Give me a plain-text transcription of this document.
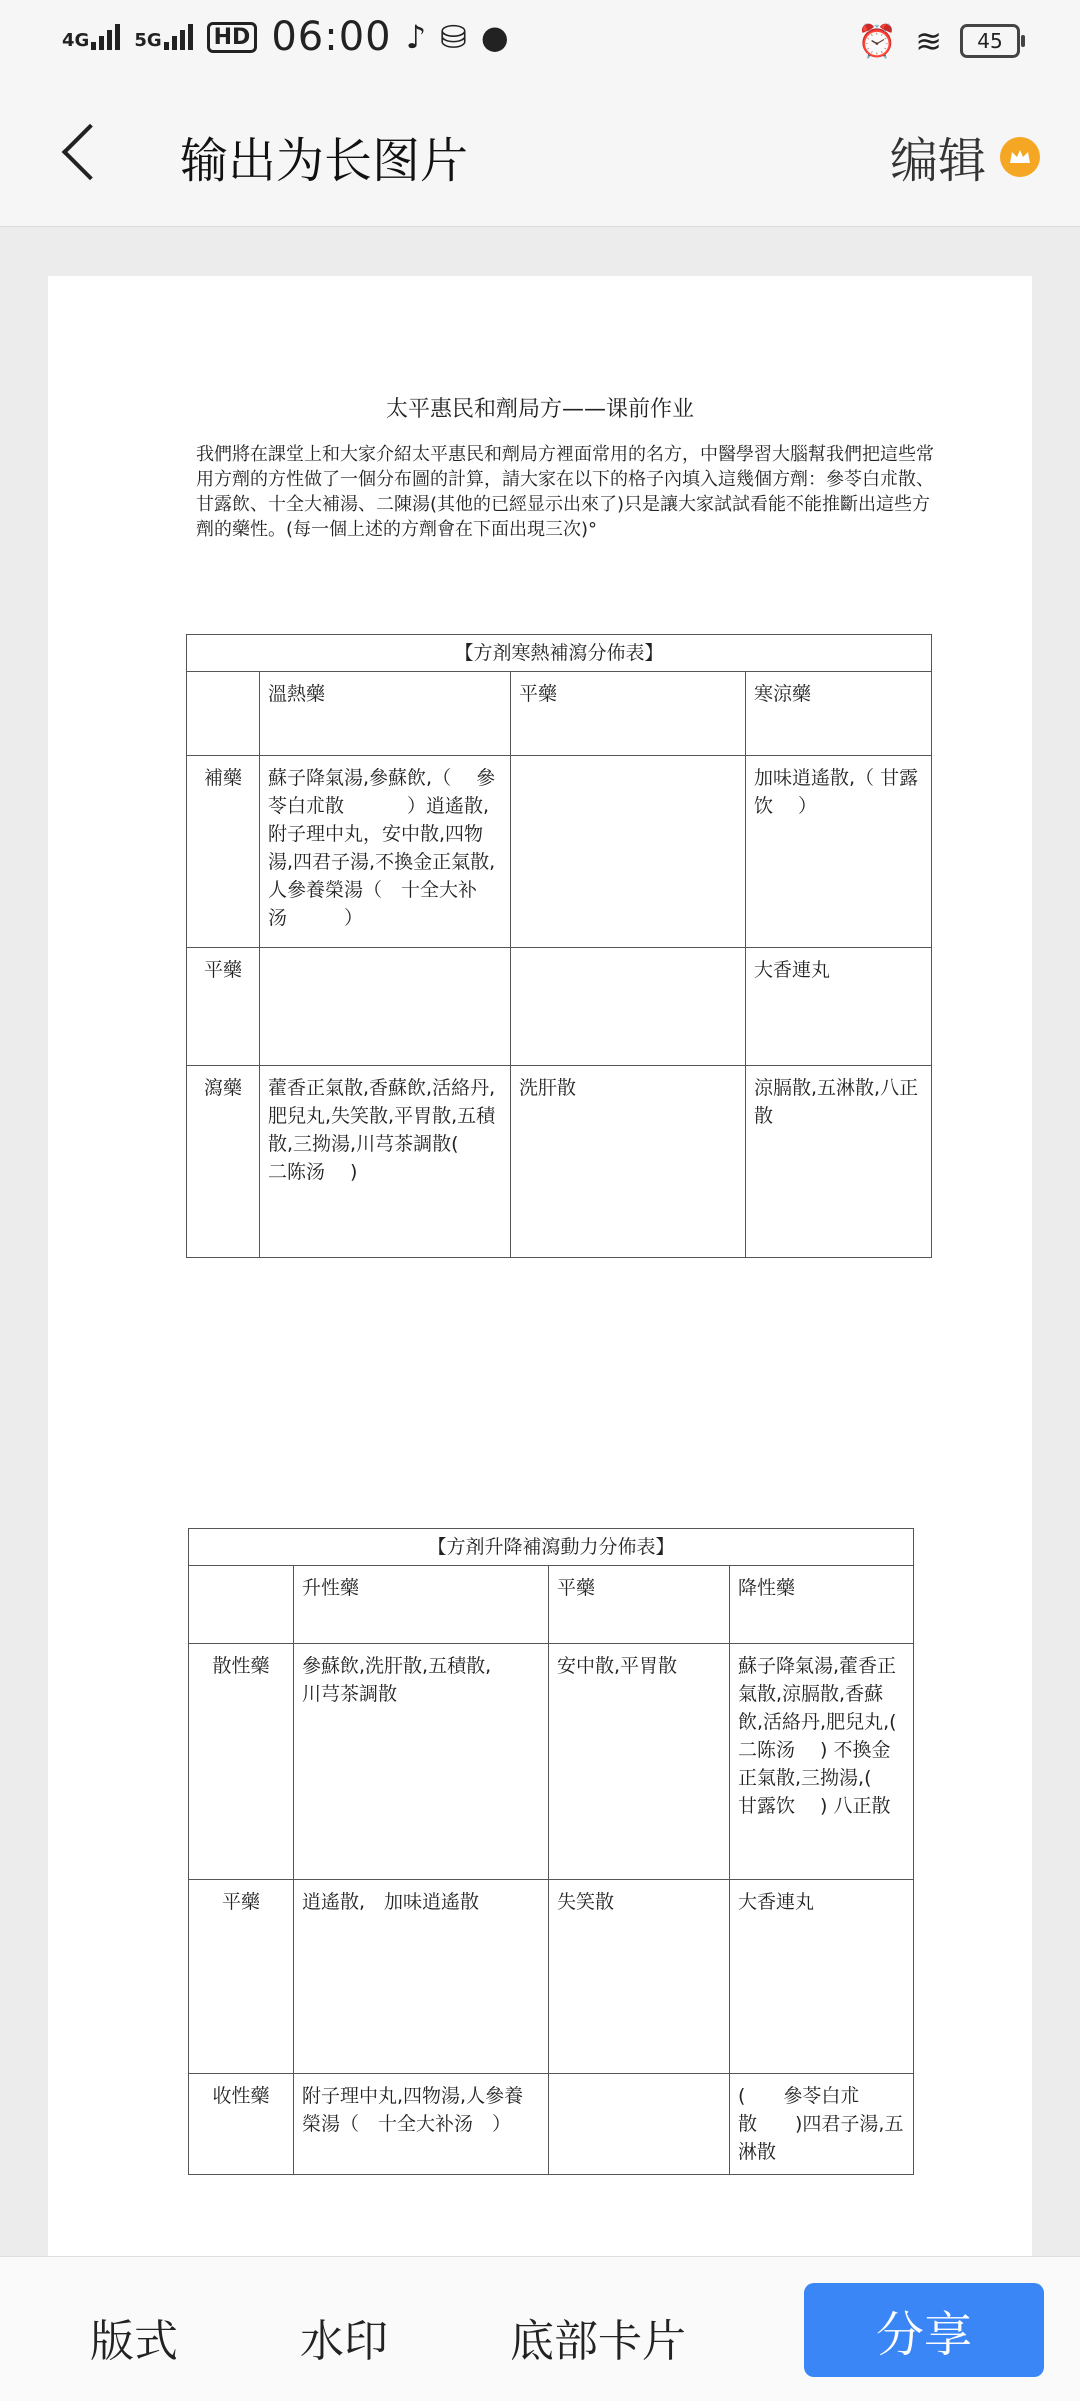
4G	5G	HD 06:00 ♪ ⛁ ●	⏰ ≋ 45
输出为长图片	编辑
太平惠民和劑局方——课前作业
我們將在課堂上和大家介紹太平惠民和劑局方裡面常用的名方，中醫學習大腦幫我們把這些常用方劑的方性做了一個分布圖的計算，請大家在以下的格子內填入這幾個方劑：參苓白朮散、甘露飲、十全大補湯、二陳湯(其他的已經显示出來了)只是讓大家試試看能不能推斷出這些方劑的藥性。(每一個上述的方劑會在下面出現三次)°
【方剤寒熱補瀉分佈表】			
	溫熱藥	平藥	寒涼藥
補藥	蘇子降氣湯,參蘇飲,（　 參苓白朮散　　　 ）逍遙散,附子理中丸，安中散,四物湯,四君子湯,不換金正氣散,人參養榮湯（　十全大补汤　　　）		加味逍遙散,（ 甘露饮　 ）
平藥			大香連丸
瀉藥	藿香正氣散,香蘇飲,活絡丹,肥兒丸,失笑散,平胃散,五積散,三拗湯,川芎茶調散(　　二陈汤　 )	洗肝散	涼膈散,五淋散,八正散
【方剤升降補瀉動力分佈表】			
	升性藥	平藥	降性藥
散性藥	參蘇飲,洗肝散,五積散,　　川芎茶調散	安中散,平胃散	蘇子降氣湯,藿香正氣散,涼膈散,香蘇飲,活絡丹,肥兒丸,(　　二陈汤　 ) 不換金正氣散,三拗湯,(　 甘露饮　 ) 八正散
平藥	逍遙散,　加味逍遙散	失笑散	大香連丸
收性藥	附子理中丸,四物湯,人參養榮湯（　十全大补汤　）		(　　參苓白朮散　　)四君子湯,五淋散
版式	水印	底部卡片	分享
